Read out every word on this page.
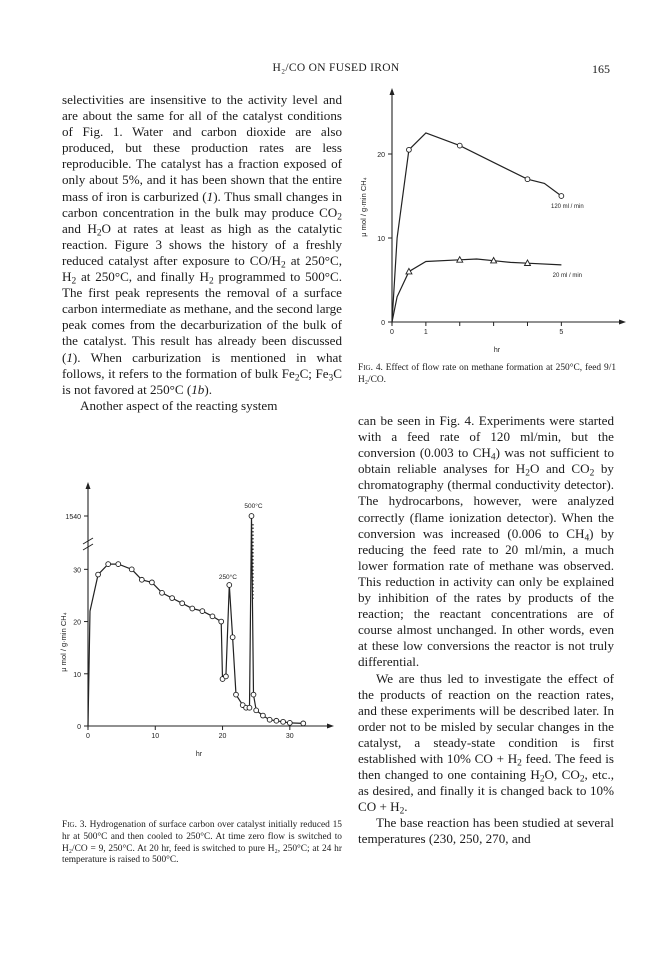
H₂/CO ON FUSED IRON	165

selectivities are insensitive to the activity level and are about the same for all of the catalyst conditions of Fig. 1. Water and carbon dioxide are also produced, but these production rates are less reproducible. The catalyst has a fraction exposed of only about 5%, and it has been shown that the entire mass of iron is carburized (1). Thus small changes in carbon concentration in the bulk may produce $CO_2$ and $H_2O$ at rates at least as high as the catalytic reaction. Figure 3 shows the history of a freshly reduced catalyst after exposure to $CO/H_2$ at 250°C, $H_2$ at 250°C, and finally $H_2$ programmed to 500°C. The first peak represents the removal of a surface carbon intermediate as methane, and the second large peak comes from the decarburization of the bulk of the catalyst. This result has already been discussed (1). When carburization is mentioned in what follows, it refers to the formation of bulk $Fe_2C$; $Fe_3C$ is not favored at 250°C (1b).

Another aspect of the reacting system

can be seen in Fig. 4. Experiments were started with a feed rate of 120 ml/min, but the conversion (0.003 to $CH_4$) was not sufficient to obtain reliable analyses for $H_2O$ and $CO_2$ by chromatography (thermal conductivity detector). The hydrocarbons, however, were analyzed correctly (flame ionization detector). When the conversion was increased (0.006 to $CH_4$) by reducing the feed rate to 20 ml/min, a much lower formation rate of methane was observed. This reduction in activity can only be explained by inhibition of the rates by products of the reaction; the reactant concentrations are of course almost unchanged. In other words, even at these low conversions the reactor is not truly differential.

We are thus led to investigate the effect of the products of reaction on the reaction rates, and these experiments will be described later. In order not to be misled by secular changes in the catalyst, a steady-state condition is first established with 10% CO + $H_2$ feed. The feed is then changed to one containing $H_2O$, $CO_2$, etc., as desired, and finally it is changed back to 10% CO + $H_2$.

The base reaction has been studied at several temperatures (230, 250, 270, and

0
10
20
0	1	5
hr
μ mol / g·min CH₄	120 ml / min
20 ml / min
Fig. 4. Effect of flow rate on methane formation at 250°C, feed 9/1 H₂/CO.
0
10
20
30
1540
0	10	20	30
hr
μ mol / g·min CH₄
500°C
250°C
Fig. 3. Hydrogenation of surface carbon over catalyst initially reduced 15 hr at 500°C and then cooled to 250°C. At time zero flow is switched to H₂/CO = 9, 250°C. At 20 hr, feed is switched to pure H₂, 250°C; at 24 hr temperature is raised to 500°C.
